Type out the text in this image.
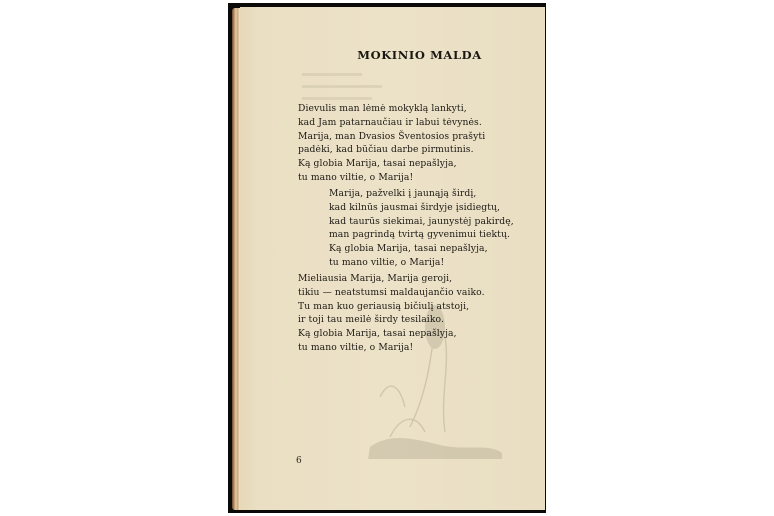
MOKINIO MALDA
Dievulis man lėmė mokyklą lankyti,
kad Jam patarnaučiau ir labui tėvynės.
Marija, man Dvasios Šventosios prašyti
padėki, kad būčiau darbe pirmutinis.
Ką globia Marija, tasai nepašlyja,
tu mano viltie, o Marija!
Marija, pažvelki į jaunąją širdį,
kad kilnūs jausmai širdyje įsidiegtų,
kad taurūs siekimai, jaunystėj pakirdę,
man pagrindą tvirtą gyvenimui tiektų.
Ką globia Marija, tasai nepašlyja,
tu mano viltie, o Marija!
Mieliausia Marija, Marija geroji,
tikiu — neatstumsi maldaujančio vaiko.
Tu man kuo geriausią bičiulį atstoji,
ir toji tau meilė širdy tesilaiko.
Ką globia Marija, tasai nepašlyja,
tu mano viltie, o Marija!
6
